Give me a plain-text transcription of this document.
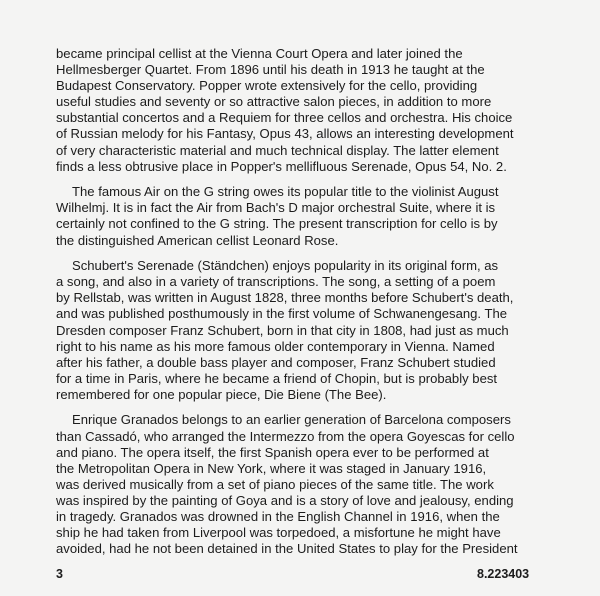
became principal cellist at the Vienna Court Opera and later joined the
Hellmesberger Quartet. From 1896 until his death in 1913 he taught at the
Budapest Conservatory. Popper wrote extensively for the cello, providing
useful studies and seventy or so attractive salon pieces, in addition to more
substantial concertos and a Requiem for three cellos and orchestra. His choice
of Russian melody for his Fantasy, Opus 43, allows an interesting development
of very characteristic material and much technical display. The latter element
finds a less obtrusive place in Popper's mellifluous Serenade, Opus 54, No. 2.

The famous Air on the G string owes its popular title to the violinist August
Wilhelmj. It is in fact the Air from Bach's D major orchestral Suite, where it is
certainly not confined to the G string. The present transcription for cello is by
the distinguished American cellist Leonard Rose.

Schubert's Serenade (Ständchen) enjoys popularity in its original form, as
a song, and also in a variety of transcriptions. The song, a setting of a poem
by Rellstab, was written in August 1828, three months before Schubert's death,
and was published posthumously in the first volume of Schwanengesang. The
Dresden composer Franz Schubert, born in that city in 1808, had just as much
right to his name as his more famous older contemporary in Vienna. Named
after his father, a double bass player and composer, Franz Schubert studied
for a time in Paris, where he became a friend of Chopin, but is probably best
remembered for one popular piece, Die Biene (The Bee).

Enrique Granados belongs to an earlier generation of Barcelona composers
than Cassadó, who arranged the Intermezzo from the opera Goyescas for cello
and piano. The opera itself, the first Spanish opera ever to be performed at
the Metropolitan Opera in New York, where it was staged in January 1916,
was derived musically from a set of piano pieces of the same title. The work
was inspired by the painting of Goya and is a story of love and jealousy, ending
in tragedy. Granados was drowned in the English Channel in 1916, when the
ship he had taken from Liverpool was torpedoed, a misfortune he might have
avoided, had he not been detained in the United States to play for the President

3	8.223403
